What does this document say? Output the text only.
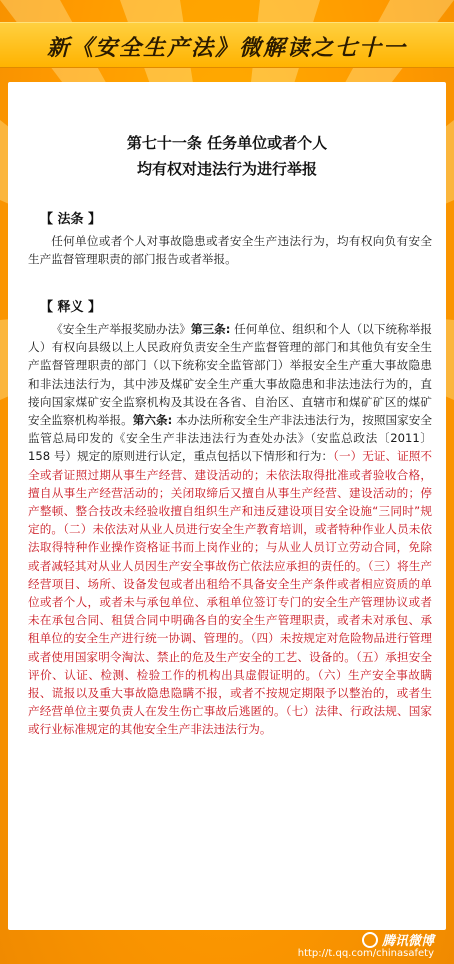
新《安全生产法》微解读之七十一
第七十一条 任务单位或者个人
均有权对违法行为进行举报
【 法条 】
任何单位或者个人对事故隐患或者安全生产违法行为，均有权向负有安全生产监督管理职责的部门报告或者举报。
【 释义 】
《安全生产举报奖励办法》第三条: 任何单位、组织和个人（以下统称举报人）有权向县级以上人民政府负责安全生产监督管理的部门和其他负有安全生产监督管理职责的部门（以下统称安全监管部门）举报安全生产重大事故隐患和非法违法行为，其中涉及煤矿安全生产重大事故隐患和非法违法行为的，直接向国家煤矿安全监察机构及其设在各省、自治区、直辖市和煤矿矿区的煤矿安全监察机构举报。第六条: 本办法所称安全生产非法违法行为，按照国家安全监管总局印发的《安全生产非法违法行为查处办法》（安监总政法〔2011〕158 号）规定的原则进行认定，重点包括以下情形和行为：（一）无证、证照不全或者证照过期从事生产经营、建设活动的；未依法取得批准或者验收合格，擅自从事生产经营活动的；关闭取缔后又擅自从事生产经营、建设活动的；停产整顿、整合技改未经验收擅自组织生产和违反建设项目安全设施“三同时”规定的。（二）未依法对从业人员进行安全生产教育培训，或者特种作业人员未依法取得特种作业操作资格证书而上岗作业的；与从业人员订立劳动合同，免除或者减轻其对从业人员因生产安全事故伤亡依法应承担的责任的。（三）将生产经营项目、场所、设备发包或者出租给不具备安全生产条件或者相应资质的单位或者个人，或者未与承包单位、承租单位签订专门的安全生产管理协议或者未在承包合同、租赁合同中明确各自的安全生产管理职责，或者未对承包、承租单位的安全生产进行统一协调、管理的。（四）未按规定对危险物品进行管理或者使用国家明令淘汰、禁止的危及生产安全的工艺、设备的。（五）承担安全评价、认证、检测、检验工作的机构出具虚假证明的。（六）生产安全事故瞒报、谎报以及重大事故隐患隐瞒不报，或者不按规定期限予以整治的，或者生产经营单位主要负责人在发生伤亡事故后逃匿的。（七）法律、行政法规、国家或行业标准规定的其他安全生产非法违法行为。
腾讯微博
http://t.qq.com/chinasafety
